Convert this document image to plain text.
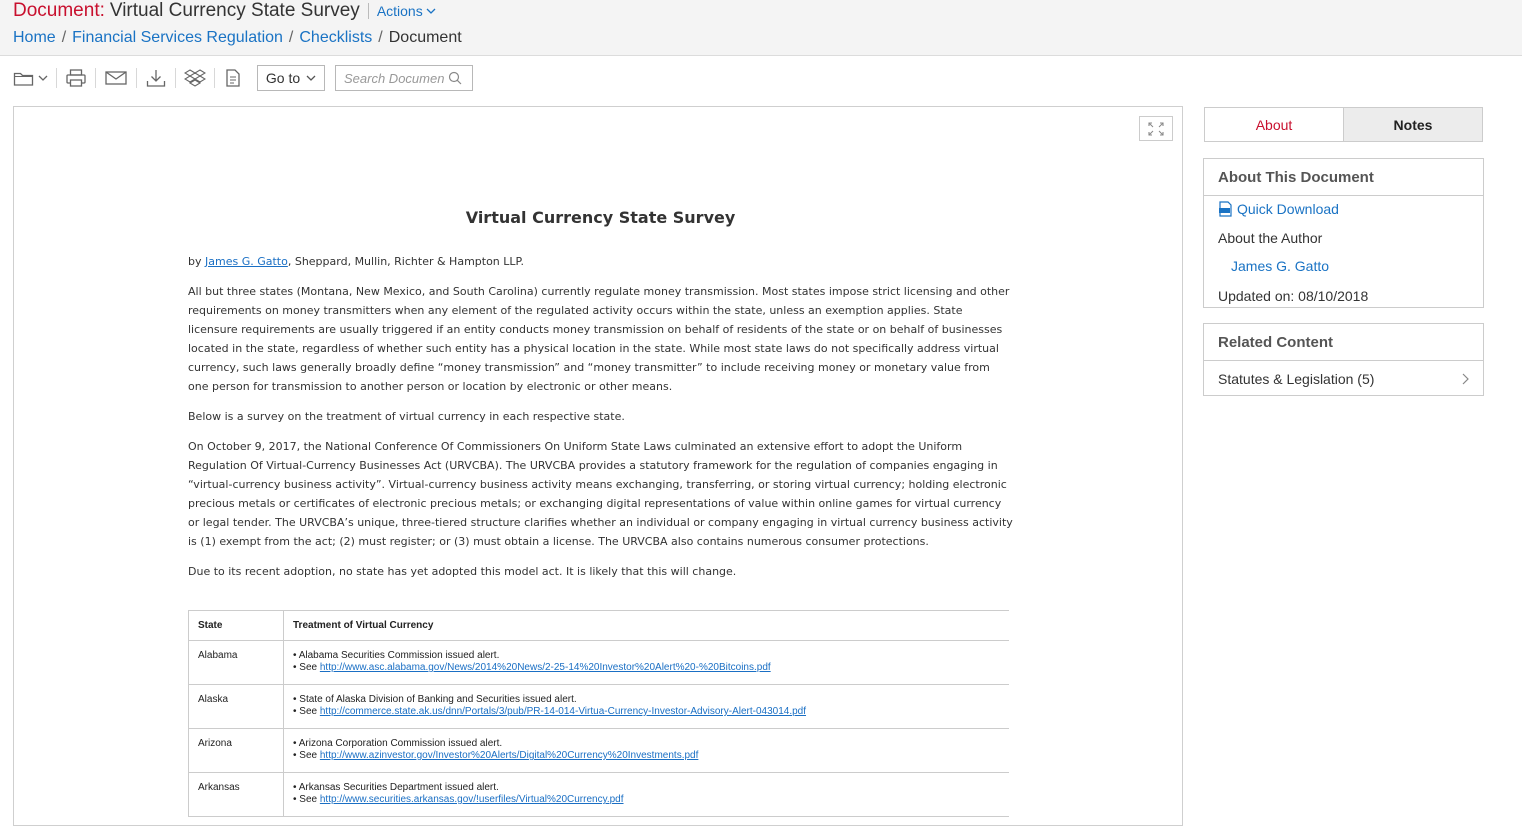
Document: Virtual Currency State Survey Actions
Home / Financial Services Regulation / Checklists / Document
Go to
Search Document
Virtual Currency State Survey

by James G. Gatto, Sheppard, Mullin, Richter & Hampton LLP.

All but three states (Montana, New Mexico, and South Carolina) currently regulate money transmission. Most states impose strict licensing and other requirements on money transmitters when any element of the regulated activity occurs within the state, unless an exemption applies. State licensure requirements are usually triggered if an entity conducts money transmission on behalf of residents of the state or on behalf of businesses located in the state, regardless of whether such entity has a physical location in the state. While most state laws do not specifically address virtual currency, such laws generally broadly define “money transmission” and “money transmitter” to include receiving money or monetary value from one person for transmission to another person or location by electronic or other means.

Below is a survey on the treatment of virtual currency in each respective state.

On October 9, 2017, the National Conference Of Commissioners On Uniform State Laws culminated an extensive effort to adopt the Uniform Regulation Of Virtual-Currency Businesses Act (URVCBA). The URVCBA provides a statutory framework for the regulation of companies engaging in “virtual-currency business activity”. Virtual-currency business activity means exchanging, transferring, or storing virtual currency; holding electronic precious metals or certificates of electronic precious metals; or exchanging digital representations of value within online games for virtual currency or legal tender. The URVCBA’s unique, three-tiered structure clarifies whether an individual or company engaging in virtual currency business activity is (1) exempt from the act; (2) must register; or (3) must obtain a license. The URVCBA also contains numerous consumer protections.

Due to its recent adoption, no state has yet adopted this model act. It is likely that this will change.

State	Treatment of Virtual Currency
Alabama	• Alabama Securities Commission issued alert.
• See http://www.asc.alabama.gov/News/2014%20News/2-25-14%20Investor%20Alert%20-%20Bitcoins.pdf

Alaska	• State of Alaska Division of Banking and Securities issued alert.
• See http://commerce.state.ak.us/dnn/Portals/3/pub/PR-14-014-Virtua-Currency-Investor-Advisory-Alert-043014.pdf

Arizona	• Arizona Corporation Commission issued alert.
• See http://www.azinvestor.gov/Investor%20Alerts/Digital%20Currency%20Investments.pdf

Arkansas	• Arkansas Securities Department issued alert.
• See http://www.securities.arkansas.gov/!userfiles/Virtual%20Currency.pdf
About	Notes
About This Document
Quick Download
About the Author
James G. Gatto
Updated on: 08/10/2018
Related Content
Statutes & Legislation (5)
